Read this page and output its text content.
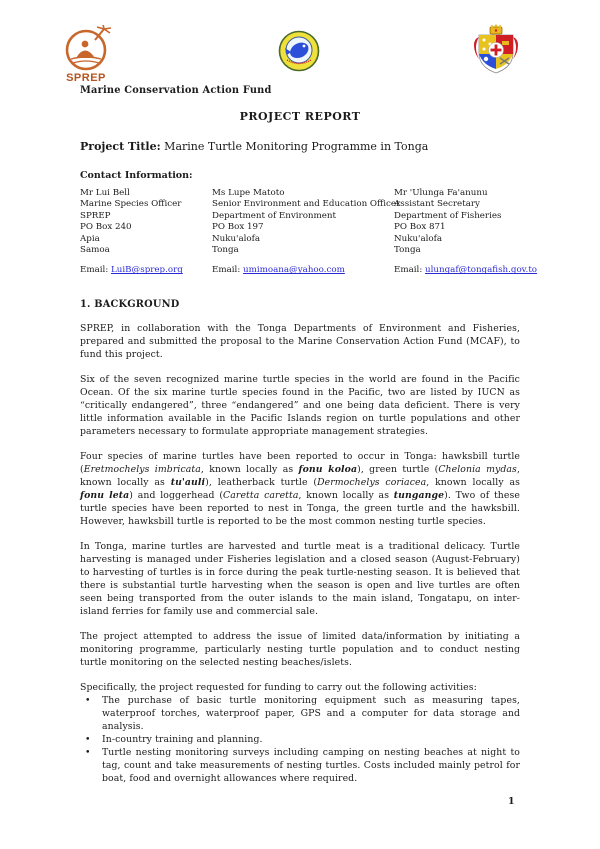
SPREP
Marine Conservation Action Fund
PROJECT REPORT
Project Title: Marine Turtle Monitoring Programme in Tonga
Contact Information:
Mr Lui Bell
Marine Species Officer
SPREP
PO Box 240
Apia
Samoa
Email: LuiB@sprep.org
Ms Lupe Matoto
Senior Environment and Education Officer
Department of Environment
PO Box 197
Nuku'alofa
Tonga
Email: umimoana@yahoo.com
Mr 'Ulunga Fa'anunu
Assistant Secretary
Department of Fisheries
PO Box 871
Nuku'alofa
Tonga
Email: ulungaf@tongafish.gov.to
1. BACKGROUND

SPREP, in collaboration with the Tonga Departments of Environment and Fisheries, prepared and submitted the proposal to the Marine Conservation Action Fund (MCAF), to fund this project.

Six of the seven recognized marine turtle species in the world are found in the Pacific Ocean. Of the six marine turtle species found in the Pacific, two are listed by IUCN as “critically endangered”, three “endangered” and one being data deficient. There is very little information available in the Pacific Islands region on turtle populations and other parameters necessary to formulate appropriate management strategies.

Four species of marine turtles have been reported to occur in Tonga: hawksbill turtle (Eretmochelys imbricata, known locally as fonu koloa), green turtle (Chelonia mydas, known locally as tu'auli), leatherback turtle (Dermochelys coriacea, known locally as fonu leta) and loggerhead (Caretta caretta, known locally as tungange). Two of these turtle species have been reported to nest in Tonga, the green turtle and the hawksbill. However, hawksbill turtle is reported to be the most common nesting turtle species.

In Tonga, marine turtles are harvested and turtle meat is a traditional delicacy. Turtle harvesting is managed under Fisheries legislation and a closed season (August-February) to harvesting of turtles is in force during the peak turtle-nesting season. It is believed that there is substantial turtle harvesting when the season is open and live turtles are often seen being transported from the outer islands to the main island, Tongatapu, on inter-island ferries for family use and commercial sale.

The project attempted to address the issue of limited data/information by initiating a monitoring programme, particularly nesting turtle population and to conduct nesting turtle monitoring on the selected nesting beaches/islets.

Specifically, the project requested for funding to carry out the following activities:

• The purchase of basic turtle monitoring equipment such as measuring tapes, waterproof torches, waterproof paper, GPS and a computer for data storage and analysis.
• In-country training and planning.
• Turtle nesting monitoring surveys including camping on nesting beaches at night to tag, count and take measurements of nesting turtles. Costs included mainly petrol for boat, food and overnight allowances where required.
1
